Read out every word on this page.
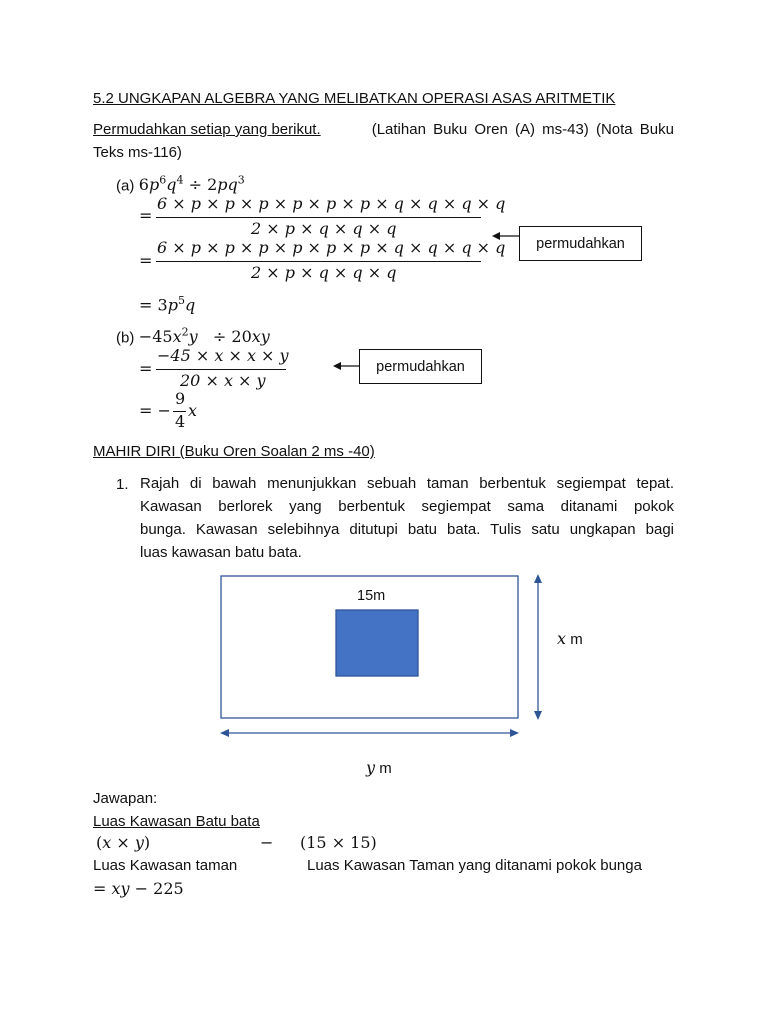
5.2 UNGKAPAN ALGEBRA YANG MELIBATKAN OPERASI ASAS ARITMETIK
Permudahkan setiap yang berikut.	(Latihan Buku Oren (A) ms-43) (Nota Buku
Teks ms-116)
(a) $6p^6q^4 \div 2pq^3$
=
6 × p × p × p × p × p × p × q × q × q × q
2 × p × q × q × q
=
6 × p × p × p × p × p × p × q × q × q × q
2 × p × q × q × q
= $3p^5q$
permudahkan
$(b) -45x^2y \div 20xy$
=
−45 × x × x × y
20 × x × y
= −
9
4
x
permudahkan
MAHIR DIRI (Buku Oren Soalan 2 ms -40)
1. Rajah di bawah menunjukkan sebuah taman berbentuk segiempat tepat.
Kawasan berlorek yang berbentuk segiempat sama ditanami pokok
bunga. Kawasan selebihnya ditutupi batu bata. Tulis satu ungkapan bagi
luas kawasan batu bata.
15m
x m
y m
Jawapan:
Luas Kawasan Batu bata
(x × y)	− (15 × 15)
Luas Kawasan taman	Luas Kawasan Taman yang ditanami pokok bunga
= xy − 225
